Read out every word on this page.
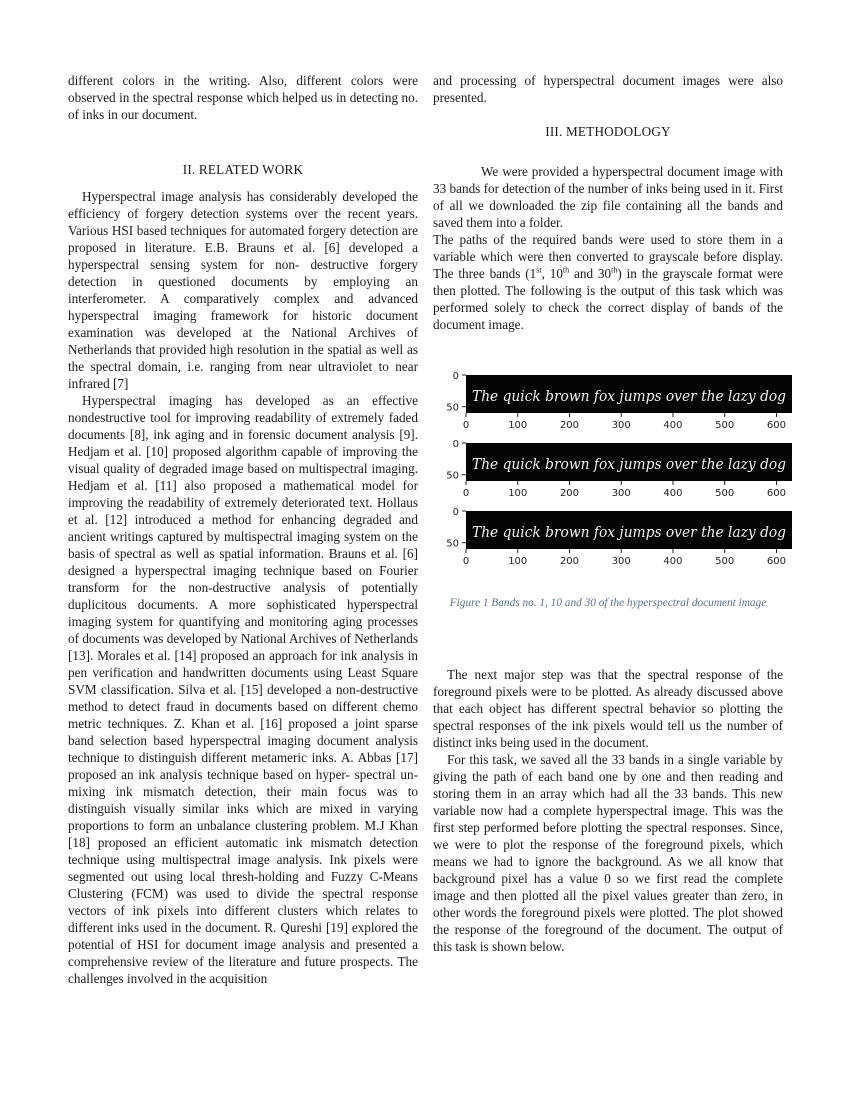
different colors in the writing. Also, different colors were observed in the spectral response which helped us in detecting no. of inks in our document.

II. RELATED WORK

Hyperspectral image analysis has considerably developed the efficiency of forgery detection systems over the recent years. Various HSI based techniques for automated forgery detection are proposed in literature. E.B. Brauns et al. [6] developed a hyperspectral sensing system for non- destructive forgery detection in questioned documents by employing an interferometer. A comparatively complex and advanced hyperspectral imaging framework for historic document examination was developed at the National Archives of Netherlands that provided high resolution in the spatial as well as the spectral domain, i.e. ranging from near ultraviolet to near infrared [7]

Hyperspectral imaging has developed as an effective nondestructive tool for improving readability of extremely faded documents [8], ink aging and in forensic document analysis [9]. Hedjam et al. [10] proposed algorithm capable of improving the visual quality of degraded image based on multispectral imaging. Hedjam et al. [11] also proposed a mathematical model for improving the readability of extremely deteriorated text. Hollaus et al. [12] introduced a method for enhancing degraded and ancient writings captured by multispectral imaging system on the basis of spectral as well as spatial information. Brauns et al. [6] designed a hyperspectral imaging technique based on Fourier transform for the non-destructive analysis of potentially duplicitous documents. A more sophisticated hyperspectral imaging system for quantifying and monitoring aging processes of documents was developed by National Archives of Netherlands [13]. Morales et al. [14] proposed an approach for ink analysis in pen verification and handwritten documents using Least Square SVM classification. Silva et al. [15] developed a non-destructive method to detect fraud in documents based on different chemo metric techniques. Z. Khan et al. [16] proposed a joint sparse band selection based hyperspectral imaging document analysis technique to distinguish different metameric inks. A. Abbas [17] proposed an ink analysis technique based on hyper- spectral un-mixing ink mismatch detection, their main focus was to distinguish visually similar inks which are mixed in varying proportions to form an unbalance clustering problem. M.J Khan [18] proposed an efficient automatic ink mismatch detection technique using multispectral image analysis. Ink pixels were segmented out using local thresh-holding and Fuzzy C-Means Clustering (FCM) was used to divide the spectral response vectors of ink pixels into different clusters which relates to different inks used in the document. R. Qureshi [19] explored the potential of HSI for document image analysis and presented a comprehensive review of the literature and future prospects. The challenges involved in the acquisition

and processing of hyperspectral document images were also presented.

III. METHODOLOGY

We were provided a hyperspectral document image with 33 bands for detection of the number of inks being used in it. First of all we downloaded the zip file containing all the bands and saved them into a folder.

The paths of the required bands were used to store them in a variable which were then converted to grayscale before display. The three bands (1st, 10th and 30th) in the grayscale format were then plotted. The following is the output of this task which was performed solely to check the correct display of bands of the document image.

The quick brown fox jumps over the lazy dog
0
50
0	100	200	300	400	500	600
The quick brown fox jumps over the lazy dog
0
50
0	100	200	300	400	500	600
The quick brown fox jumps over the lazy dog
0
50
0	100	200	300	400	500	600
Figure 1 Bands no. 1, 10 and 30 of the hyperspectral document image

The next major step was that the spectral response of the foreground pixels were to be plotted. As already discussed above that each object has different spectral behavior so plotting the spectral responses of the ink pixels would tell us the number of distinct inks being used in the document.

For this task, we saved all the 33 bands in a single variable by giving the path of each band one by one and then reading and storing them in an array which had all the 33 bands. This new variable now had a complete hyperspectral image. This was the first step performed before plotting the spectral responses. Since, we were to plot the response of the foreground pixels, which means we had to ignore the background. As we all know that background pixel has a value 0 so we first read the complete image and then plotted all the pixel values greater than zero, in other words the foreground pixels were plotted. The plot showed the response of the foreground of the document. The output of this task is shown below.
